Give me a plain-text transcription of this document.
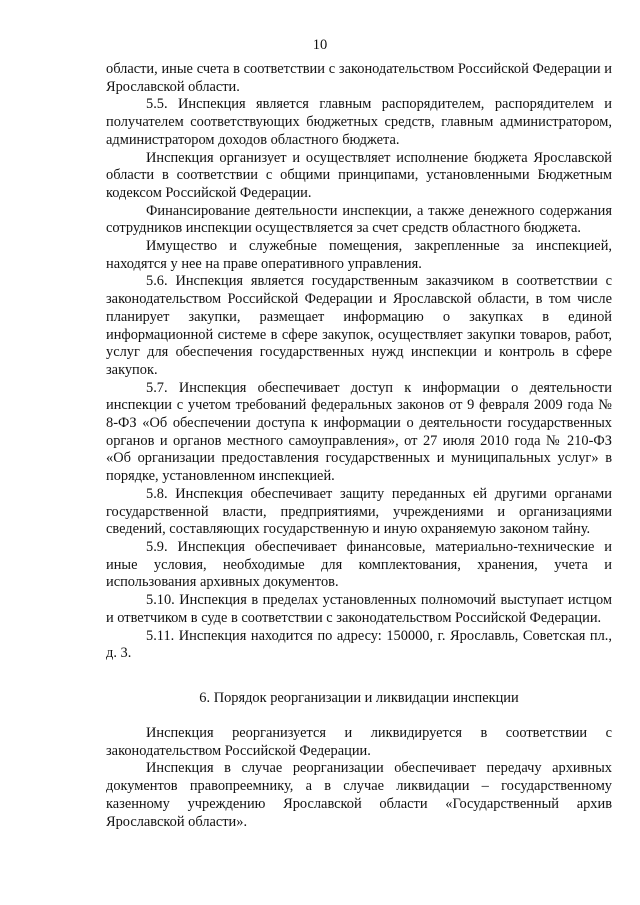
10

области, иные счета в соответствии с законодательством Российской Федерации и Ярославской области.

5.5. Инспекция является главным распорядителем, распорядителем и получателем соответствующих бюджетных средств, главным администратором, администратором доходов областного бюджета.

Инспекция организует и осуществляет исполнение бюджета Ярославской области в соответствии с общими принципами, установленными Бюджетным кодексом Российской Федерации.

Финансирование деятельности инспекции, а также денежного содержания сотрудников инспекции осуществляется за счет средств областного бюджета.

Имущество и служебные помещения, закрепленные за инспекцией, находятся у нее на праве оперативного управления.

5.6. Инспекция является государственным заказчиком в соответствии с законодательством Российской Федерации и Ярославской области, в том числе планирует закупки, размещает информацию о закупках в единой информационной системе в сфере закупок, осуществляет закупки товаров, работ, услуг для обеспечения государственных нужд инспекции и контроль в сфере закупок.

5.7. Инспекция обеспечивает доступ к информации о деятельности инспекции с учетом требований федеральных законов от 9 февраля 2009 года № 8-ФЗ «Об обеспечении доступа к информации о деятельности государственных органов и органов местного самоуправления», от 27 июля 2010 года № 210-ФЗ «Об организации предоставления государственных и муниципальных услуг» в порядке, установленном инспекцией.

5.8. Инспекция обеспечивает защиту переданных ей другими органами государственной власти, предприятиями, учреждениями и организациями сведений, составляющих государственную и иную охраняемую законом тайну.

5.9. Инспекция обеспечивает финансовые, материально-технические и иные условия, необходимые для комплектования, хранения, учета и использования архивных документов.

5.10. Инспекция в пределах установленных полномочий выступает истцом и ответчиком в суде в соответствии с законодательством Российской Федерации.

5.11. Инспекция находится по адресу: 150000, г. Ярославль, Советская пл., д. 3.

6. Порядок реорганизации и ликвидации инспекции

Инспекция реорганизуется и ликвидируется в соответствии с законодательством Российской Федерации.

Инспекция в случае реорганизации обеспечивает передачу архивных документов правопреемнику, а в случае ликвидации – государственному казенному учреждению Ярославской области «Государственный архив Ярославской области».
